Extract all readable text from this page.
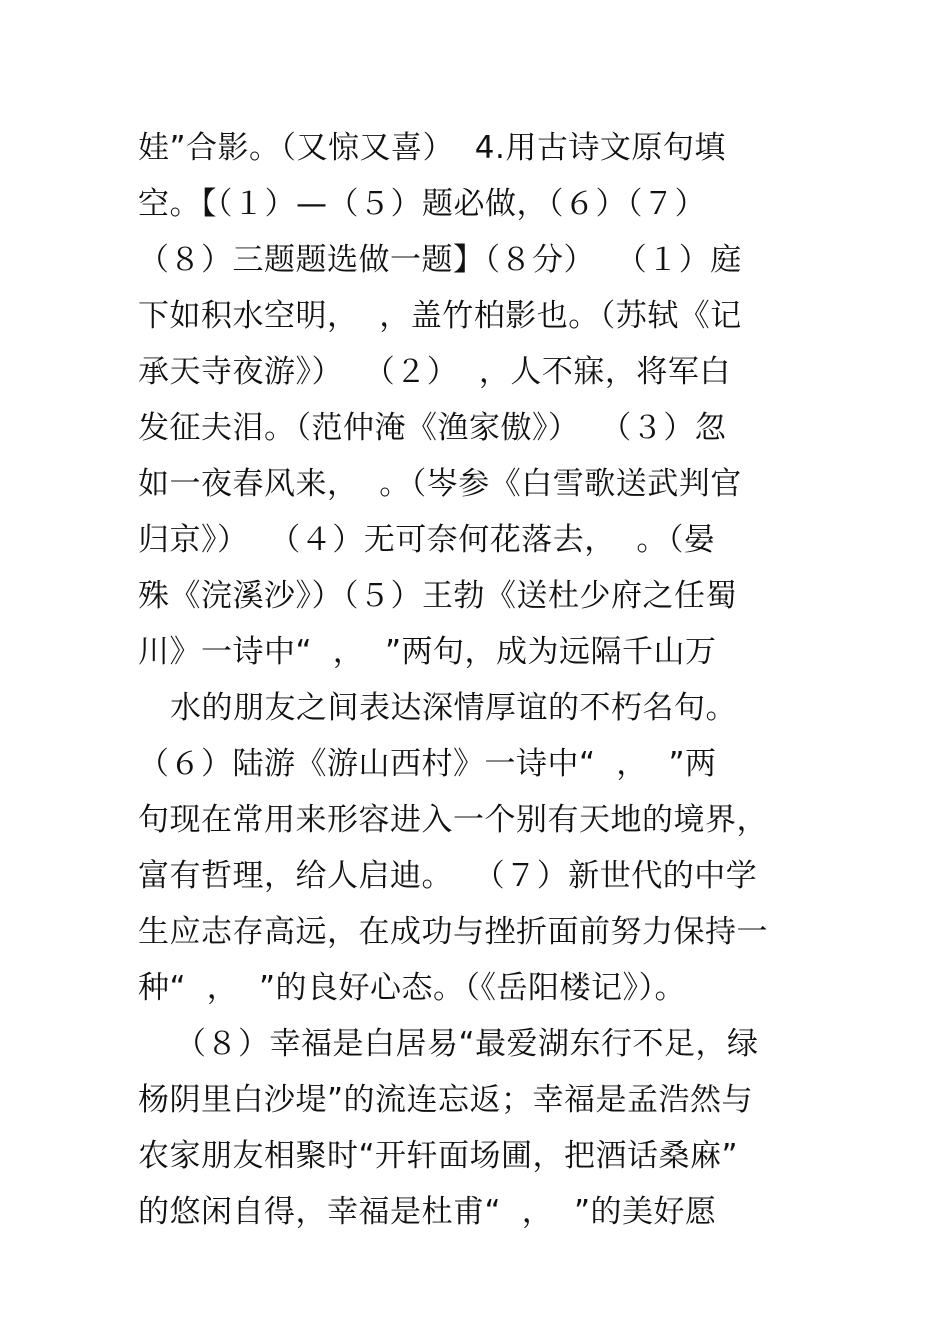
娃”合影。（又惊又喜）  4.用古诗文原句填
空。【（１）—（５）题必做，（６）（７）
（８）三题题选做一题】（８分）  （１）庭
下如积水空明，  ，盖竹柏影也。（苏轼《记
承天寺夜游》）  （２）  ，人不寐，将军白
发征夫泪。（范仲淹《渔家傲》）  （３）忽
如一夜春风来，  。（岑参《白雪歌送武判官
归京》）  （４）无可奈何花落去，  。（晏
殊《浣溪沙》）（５）王勃《送杜少府之任蜀
川》一诗中“  ，  ”两句，成为远隔千山万
水的朋友之间表达深情厚谊的不朽名句。
（６）陆游《游山西村》一诗中“  ，  ”两
句现在常用来形容进入一个别有天地的境界，
富有哲理，给人启迪。  （７）新世代的中学
生应志存高远，在成功与挫折面前努力保持一
种“  ，  ”的良好心态。（《岳阳楼记》）。
（８）幸福是白居易“最爱湖东行不足，绿
杨阴里白沙堤”的流连忘返；幸福是孟浩然与
农家朋友相聚时“开轩面场圃，把酒话桑麻”
的悠闲自得，幸福是杜甫“  ，  ”的美好愿
